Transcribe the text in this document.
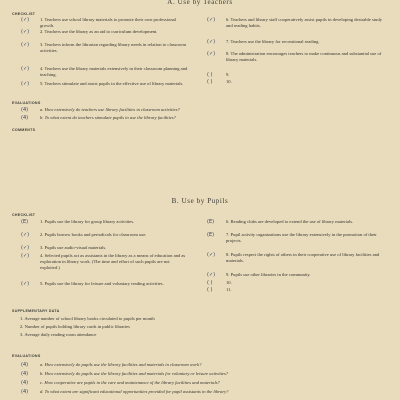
A. Use by Teachers
CHECKLIST
(✓)	1. Teachers use school library materials to promote their own professional growth.
(✓)	2. Teachers use the library as an aid to curriculum development.
(✓)	3. Teachers inform the librarian regarding library needs in relation to classroom activities.
(✓)	4. Teachers use the library materials extensively in their classroom planning and teaching.
(✓)	5. Teachers stimulate and assist pupils in the effective use of library materials.
(✓)	6. Teachers and library staff cooperatively assist pupils in developing desirable study and reading habits.
(✓)	7. Teachers use the library for recreational reading.
(✓)	8. The administration encourages teachers to make continuous and substantial use of library materials.
( )	9.
( )	10.
EVALUATIONS
(4)	a. How extensively do teachers use library facilities in classroom activities?
(4)	b. To what extent do teachers stimulate pupils to use the library facilities?
COMMENTS
B. Use by Pupils
CHECKLIST
(E)	1. Pupils use the library for group library activities.
(✓)	2. Pupils borrow books and periodicals for classroom use.
(✓)	3. Pupils use audio-visual materials.
(✓)	4. Selected pupils act as assistants in the library as a means of education and as exploration in library work. (The time and effort of such pupils are not exploited.)
(✓)	5. Pupils use the library for leisure and voluntary reading activities.
(E)	6. Reading clubs are developed to extend the use of library materials.
(E)	7. Pupil activity organizations use the library extensively in the promotion of their projects.
(✓)	8. Pupils respect the rights of others in their cooperative use of library facilities and materials.
(✓)	9. Pupils use other libraries in the community.
( )	10.
( )	11.
SUPPLEMENTARY DATA
1. Average number of school library books circulated to pupils per month
2. Number of pupils holding library cards in public libraries
3. Average daily reading room attendance
EVALUATIONS
(4)	a. How extensively do pupils use the library facilities and materials in classroom work?
(4)	b. How extensively do pupils use the library facilities and materials for voluntary or leisure activities?
(4)	c. How cooperative are pupils in the care and maintenance of the library facilities and materials?
(4)	d. To what extent are significant educational opportunities provided for pupil assistants in the library?
